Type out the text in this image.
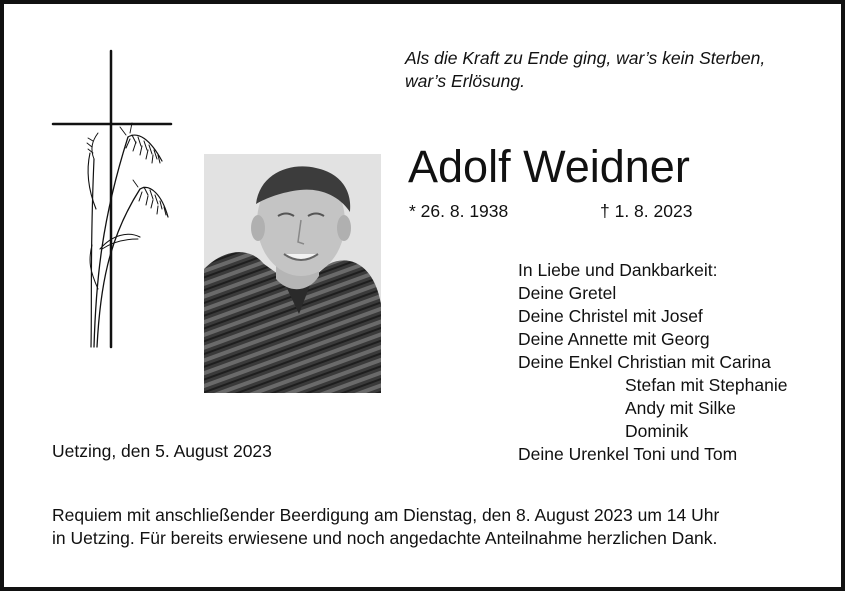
Als die Kraft zu Ende ging, war’s kein Sterben,
war’s Erlösung.
Adolf Weidner
* 26. 8. 1938	† 1. 8. 2023
In Liebe und Dankbarkeit:
Deine Gretel
Deine Christel mit Josef
Deine Annette mit Georg
Deine Enkel Christian mit Carina
Stefan mit Stephanie
Andy mit Silke
Dominik
Deine Urenkel Toni und Tom
Uetzing, den 5. August 2023
Requiem mit anschließender Beerdigung am Dienstag, den 8. August 2023 um 14 Uhr
in Uetzing. Für bereits erwiesene und noch angedachte Anteilnahme herzlichen Dank.
